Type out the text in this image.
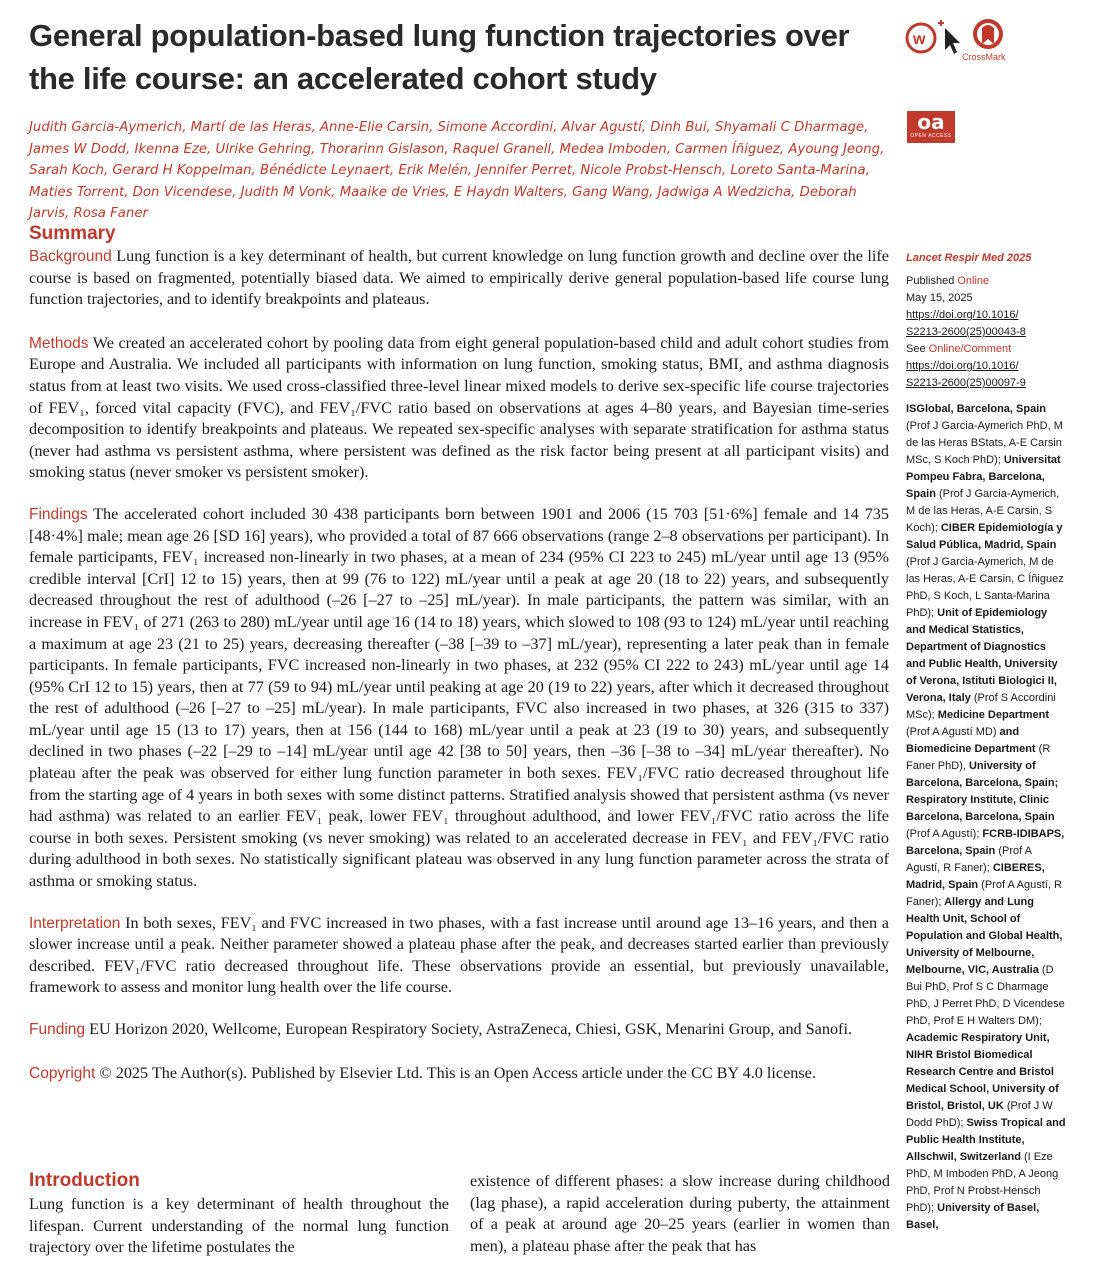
General population-based lung function trajectories over the life course: an accelerated cohort study
w
CrossMark

Judith Garcia-Aymerich, Martí de las Heras, Anne-Elie Carsin, Simone Accordini, Alvar Agustí, Dinh Bui, Shyamali C Dharmage, James W Dodd, Ikenna Eze, Ulrike Gehring, Thorarinn Gislason, Raquel Granell, Medea Imboden, Carmen Íñiguez, Ayoung Jeong, Sarah Koch, Gerard H Koppelman, Bénédicte Leynaert, Erik Melén, Jennifer Perret, Nicole Probst-Hensch, Loreto Santa-Marina, Maties Torrent, Don Vicendese, Judith M Vonk, Maaike de Vries, E Haydn Walters, Gang Wang, Jadwiga A Wedzicha, Deborah Jarvis, Rosa Faner

oa
OPEN ACCESS
Summary

Background Lung function is a key determinant of health, but current knowledge on lung function growth and decline over the life course is based on fragmented, potentially biased data. We aimed to empirically derive general population-based life course lung function trajectories, and to identify breakpoints and plateaus.

Methods We created an accelerated cohort by pooling data from eight general population-based child and adult cohort studies from Europe and Australia. We included all participants with information on lung function, smoking status, BMI, and asthma diagnosis status from at least two visits. We used cross-classified three-level linear mixed models to derive sex-specific life course trajectories of FEV₁, forced vital capacity (FVC), and FEV₁/FVC ratio based on observations at ages 4–80 years, and Bayesian time-series decomposition to identify breakpoints and plateaus. We repeated sex-specific analyses with separate stratification for asthma status (never had asthma vs persistent asthma, where persistent was defined as the risk factor being present at all participant visits) and smoking status (never smoker vs persistent smoker).

Findings The accelerated cohort included 30 438 participants born between 1901 and 2006 (15 703 [51·6%] female and 14 735 [48·4%] male; mean age 26 [SD 16] years), who provided a total of 87 666 observations (range 2–8 observations per participant). In female participants, FEV₁ increased non-linearly in two phases, at a mean of 234 (95% CI 223 to 245) mL/year until age 13 (95% credible interval [CrI] 12 to 15) years, then at 99 (76 to 122) mL/year until a peak at age 20 (18 to 22) years, and subsequently decreased throughout the rest of adulthood (–26 [–27 to –25] mL/year). In male participants, the pattern was similar, with an increase in FEV₁ of 271 (263 to 280) mL/year until age 16 (14 to 18) years, which slowed to 108 (93 to 124) mL/year until reaching a maximum at age 23 (21 to 25) years, decreasing thereafter (–38 [–39 to –37] mL/year), representing a later peak than in female participants. In female participants, FVC increased non-linearly in two phases, at 232 (95% CI 222 to 243) mL/year until age 14 (95% CrI 12 to 15) years, then at 77 (59 to 94) mL/year until peaking at age 20 (19 to 22) years, after which it decreased throughout the rest of adulthood (–26 [–27 to –25] mL/year). In male participants, FVC also increased in two phases, at 326 (315 to 337) mL/year until age 15 (13 to 17) years, then at 156 (144 to 168) mL/year until a peak at 23 (19 to 30) years, and subsequently declined in two phases (–22 [–29 to –14] mL/year until age 42 [38 to 50] years, then –36 [–38 to –34] mL/year thereafter). No plateau after the peak was observed for either lung function parameter in both sexes. FEV₁/FVC ratio decreased throughout life from the starting age of 4 years in both sexes with some distinct patterns. Stratified analysis showed that persistent asthma (vs never had asthma) was related to an earlier FEV₁ peak, lower FEV₁ throughout adulthood, and lower FEV₁/FVC ratio across the life course in both sexes. Persistent smoking (vs never smoking) was related to an accelerated decrease in FEV₁ and FEV₁/FVC ratio during adulthood in both sexes. No statistically significant plateau was observed in any lung function parameter across the strata of asthma or smoking status.

Interpretation In both sexes, FEV₁ and FVC increased in two phases, with a fast increase until around age 13–16 years, and then a slower increase until a peak. Neither parameter showed a plateau phase after the peak, and decreases started earlier than previously described. FEV₁/FVC ratio decreased throughout life. These observations provide an essential, but previously unavailable, framework to assess and monitor lung health over the life course.

Funding EU Horizon 2020, Wellcome, European Respiratory Society, AstraZeneca, Chiesi, GSK, Menarini Group, and Sanofi.

Copyright © 2025 The Author(s). Published by Elsevier Ltd. This is an Open Access article under the CC BY 4.0 license.

Introduction

Lung function is a key determinant of health throughout the lifespan. Current understanding of the normal lung function trajectory over the lifetime postulates the

existence of different phases: a slow increase during childhood (lag phase), a rapid acceleration during puberty, the attainment of a peak at around age 20–25 years (earlier in women than men), a plateau phase after the peak that has

Lancet Respir Med 2025

Published Online

May 15, 2025

https://doi.org/10.1016/

S2213-2600(25)00043-8

See Online/Comment

https://doi.org/10.1016/

S2213-2600(25)00097-9

ISGlobal, Barcelona, Spain (Prof J Garcia-Aymerich PhD, M de las Heras BStats, A-E Carsin MSc, S Koch PhD); Universitat Pompeu Fabra, Barcelona, Spain (Prof J Garcia-Aymerich, M de las Heras, A-E Carsin, S Koch); CIBER Epidemiología y Salud Pública, Madrid, Spain (Prof J Garcia-Aymerich, M de las Heras, A-E Carsin, C Íñiguez PhD, S Koch, L Santa-Marina PhD); Unit of Epidemiology and Medical Statistics, Department of Diagnostics and Public Health, University of Verona, Istituti Biologici II, Verona, Italy (Prof S Accordini MSc); Medicine Department (Prof A Agustí MD) and Biomedicine Department (R Faner PhD), University of Barcelona, Barcelona, Spain; Respiratory Institute, Clinic Barcelona, Barcelona, Spain (Prof A Agustí); FCRB-IDIBAPS, Barcelona, Spain (Prof A Agustí, R Faner); CIBERES, Madrid, Spain (Prof A Agustí, R Faner); Allergy and Lung Health Unit, School of Population and Global Health, University of Melbourne, Melbourne, VIC, Australia (D Bui PhD, Prof S C Dharmage PhD, J Perret PhD, D Vicendese PhD, Prof E H Walters DM); Academic Respiratory Unit, NIHR Bristol Biomedical Research Centre and Bristol Medical School, University of Bristol, Bristol, UK (Prof J W Dodd PhD); Swiss Tropical and Public Health Institute, Allschwil, Switzerland (I Eze PhD, M Imboden PhD, A Jeong PhD, Prof N Probst-Hensch PhD); University of Basel, Basel,
